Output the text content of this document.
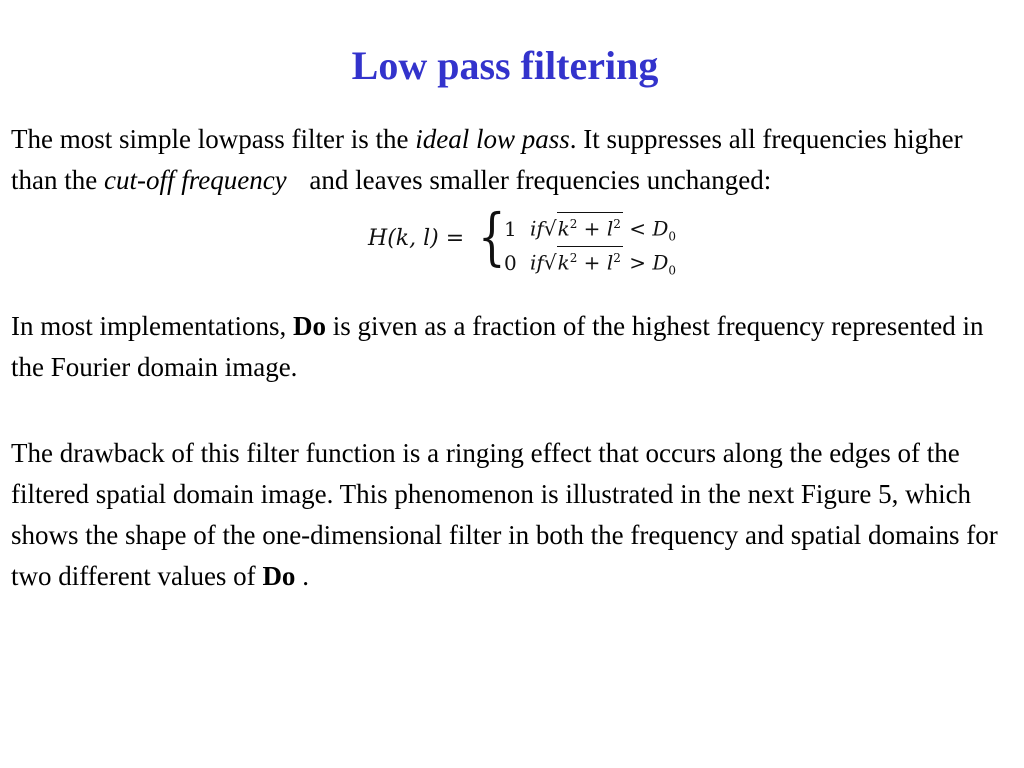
Low pass filtering

The most simple lowpass filter is the ideal low pass. It suppresses all frequencies higher than the cut-off frequency and leaves smaller frequencies unchanged:

H(k, l) = {
1 $if√k^2 + l^2 < D_0$
0 $if√k^2 + l^2 > D_0$

In most implementations, Do is given as a fraction of the highest frequency represented in the Fourier domain image.

The drawback of this filter function is a ringing effect that occurs along the edges of the filtered spatial domain image. This phenomenon is illustrated in the next Figure 5, which shows the shape of the one-dimensional filter in both the frequency and spatial domains for two different values of Do .
